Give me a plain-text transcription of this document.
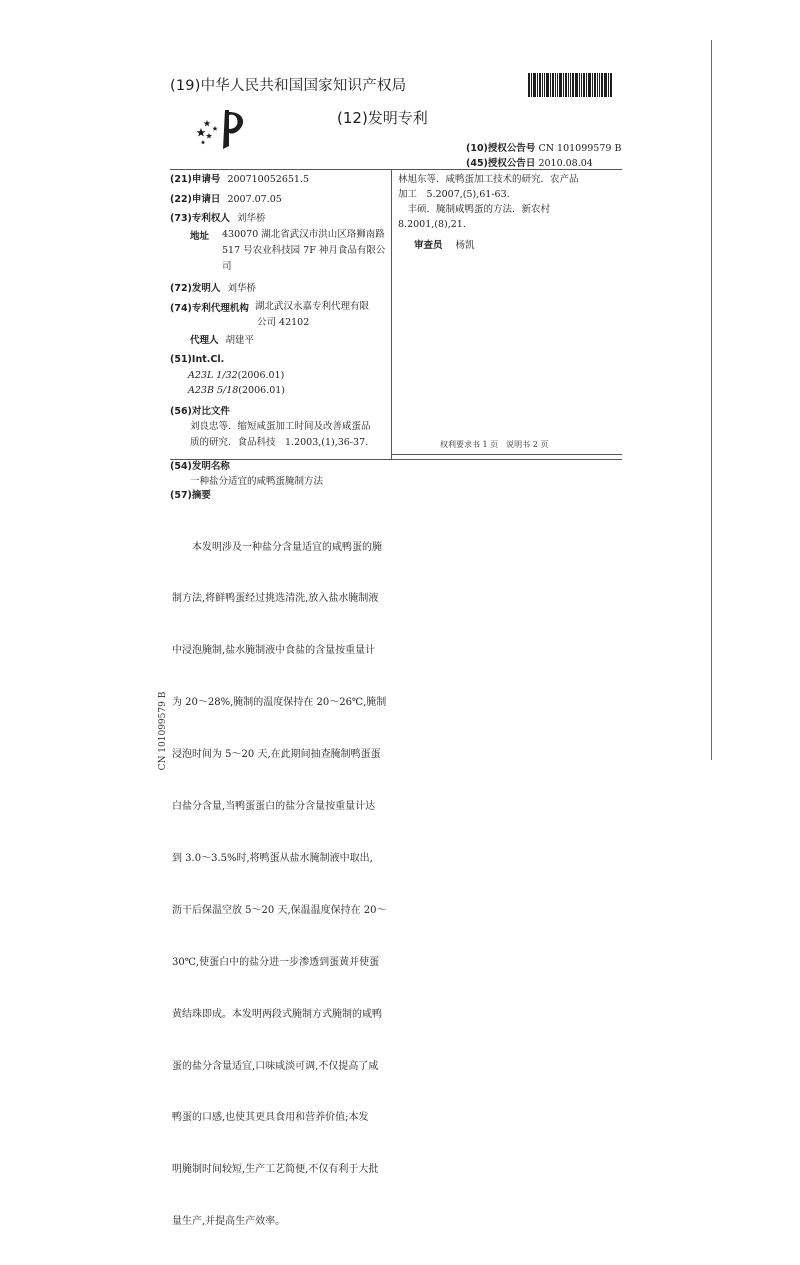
(19)中华人民共和国国家知识产权局
(12)发明专利
(10)授权公告号 CN 101099579 B
(45)授权公告日 2010.08.04
(21)申请号 200710052651.5
(22)申请日 2007.07.05
(73)专利权人 刘华桥
地址 430070 湖北省武汉市洪山区珞狮南路
517 号农业科技园 7F 神月食品有限公
司
(72)发明人 刘华桥
(74)专利代理机构 湖北武汉永嘉专利代理有限
公司 42102
代理人 胡建平
(51)Int.Cl.
A23L 1/32(2006.01)
A23B 5/18(2006.01)
(56)对比文件
刘良忠等．缩短咸蛋加工时间及改善咸蛋品
质的研究．食品科技　1.2003,(1),36-37.
林旭东等．咸鸭蛋加工技术的研究．农产品
加工　5.2007,(5),61-63.
　丰硕．腌制咸鸭蛋的方法．新农村
8.2001,(8),21.
审查员 杨凯
权利要求书 1 页　说明书 2 页
(54)发明名称
一种盐分适宜的咸鸭蛋腌制方法
(57)摘要

　　本发明涉及一种盐分含量适宜的咸鸭蛋的腌

制方法,将鲜鸭蛋经过挑选清洗,放入盐水腌制液

中浸泡腌制,盐水腌制液中食盐的含量按重量计

为 20～28%,腌制的温度保持在 20～26℃,腌制

浸泡时间为 5～20 天,在此期间抽查腌制鸭蛋蛋

白盐分含量,当鸭蛋蛋白的盐分含量按重量计达

到 3.0～3.5%时,将鸭蛋从盐水腌制液中取出,

沥干后保温空放 5～20 天,保温温度保持在 20～

30℃,使蛋白中的盐分进一步渗透到蛋黄并使蛋

黄结珠即成。本发明两段式腌制方式腌制的咸鸭

蛋的盐分含量适宜,口味咸淡可调,不仅提高了咸

鸭蛋的口感,也使其更具食用和营养价值;本发

明腌制时间较短,生产工艺简便,不仅有利于大批

量生产,并提高生产效率。

CN 101099579 B
